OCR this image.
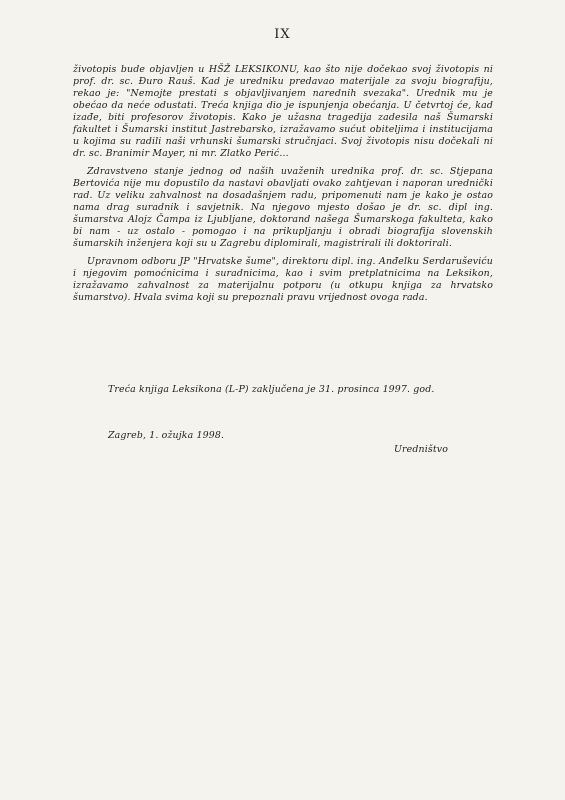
IX

životopis bude objavljen u HŠŽ LEKSIKONU, kao što nije dočekao svoj životopis ni prof. dr. sc. Đuro Rauš. Kad je uredniku predavao materijale za svoju biografiju, rekao je: "Nemojte prestati s objavljivanjem narednih svezaka". Urednik mu je obećao da neće odustati. Treća knjiga dio je ispunjenja obećanja. U četvrtoj će, kad izađe, biti profesorov životopis. Kako je užasna tragedija zadesila naš Šumarski fakultet i Šumarski institut Jastrebarsko, izražavamo sućut obiteljima i institucijama u kojima su radili naši vrhunski šumarski stručnjaci. Svoj životopis nisu dočekali ni dr. sc. Branimir Mayer, ni mr. Zlatko Perić...

Zdravstveno stanje jednog od naših uvaženih urednika prof. dr. sc. Stjepana Bertovića nije mu dopustilo da nastavi obavljati ovako zahtjevan i naporan urednički rad. Uz veliku zahvalnost na dosadašnjem radu, pripomenuti nam je kako je ostao nama drag suradnik i savjetnik. Na njegovo mjesto došao je dr. sc. dipl ing. šumarstva Alojz Čampa iz Ljubljane, doktorand našega Šumarskoga fakulteta, kako bi nam - uz ostalo - pomogao i na prikupljanju i obradi biografija slovenskih šumarskih inženjera koji su u Zagrebu diplomirali, magistrirali ili doktorirali.

Upravnom odboru JP "Hrvatske šume", direktoru dipl. ing. Anđelku Serdaruševiću i njegovim pomoćnicima i suradnicima, kao i svim pretplatnicima na Leksikon, izražavamo zahvalnost za materijalnu potporu (u otkupu knjiga za hrvatsko šumarstvo). Hvala svima koji su prepoznali pravu vrijednost ovoga rada.

Treća knjiga Leksikona (L-P) zaključena je 31. prosinca 1997. god.
Zagreb, 1. ožujka 1998.
Uredništvo
